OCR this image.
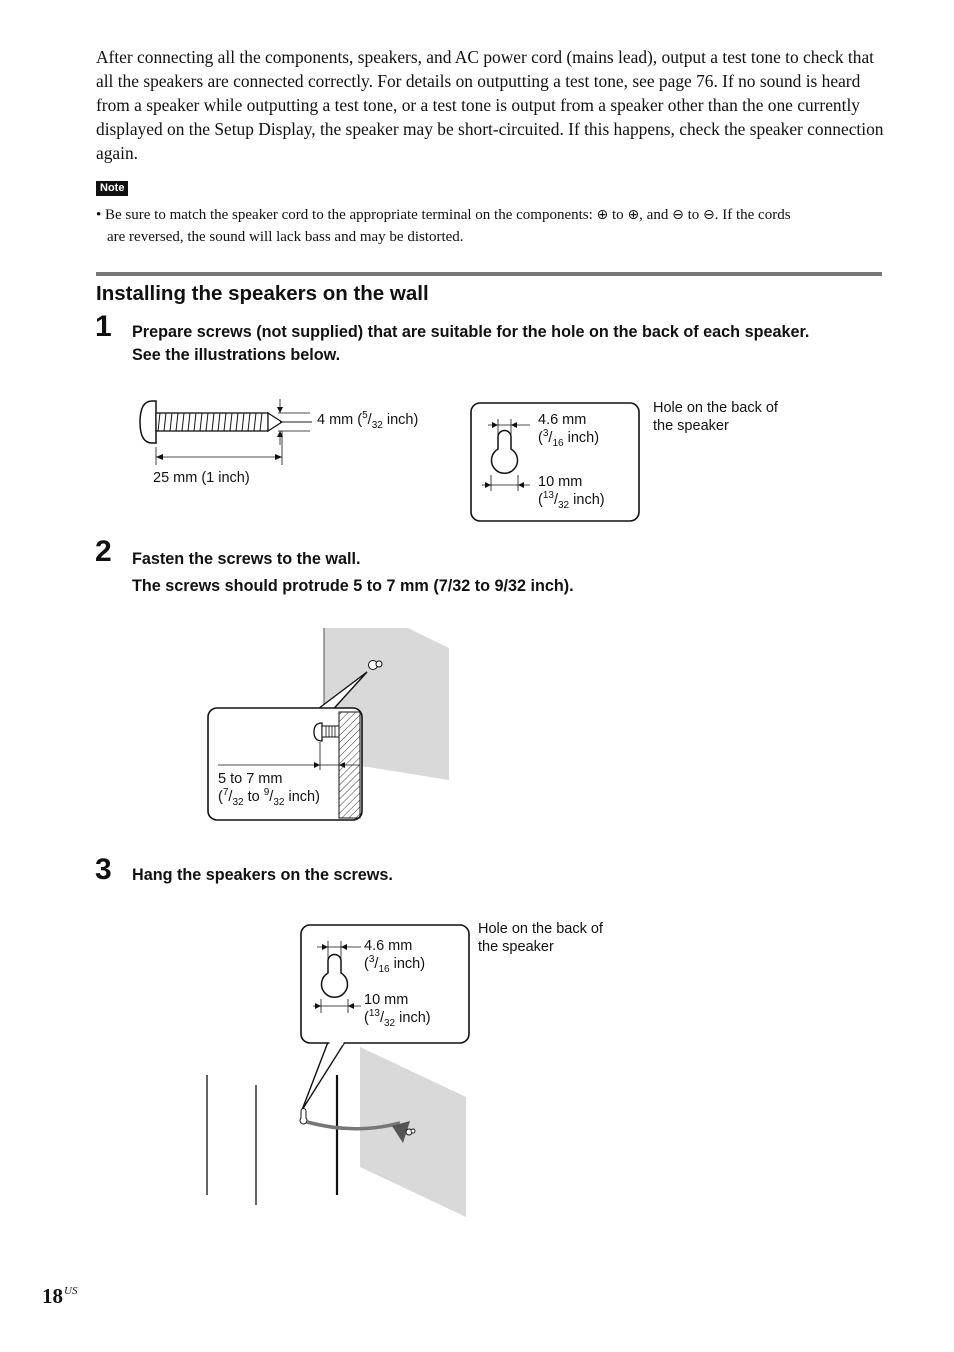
After connecting all the components, speakers, and AC power cord (mains lead), output a test tone to check that all the speakers are connected correctly. For details on outputting a test tone, see page 76. If no sound is heard from a speaker while outputting a test tone, or a test tone is output from a speaker other than the one currently displayed on the Setup Display, the speaker may be short-circuited. If this happens, check the speaker connection again.
Note
• Be sure to match the speaker cord to the appropriate terminal on the components: ⊕ to ⊕, and ⊖ to ⊖. If the cords
are reversed, the sound will lack bass and may be distorted.
Installing the speakers on the wall
1 Prepare screws (not supplied) that are suitable for the hole on the back of each speaker.
See the illustrations below.
4 mm ($^5/_{32}$ inch)
25 mm (1 inch)
4.6 mm
($^3/_{16}$ inch)
10 mm
($^{13}/_{32}$ inch)
Hole on the back of
the speaker
2 Fasten the screws to the wall.
The screws should protrude 5 to 7 mm (7/32 to 9/32 inch).
5 to 7 mm
($^7/_{32}$ to $^9/_{32}$ inch)
3 Hang the speakers on the screws.
4.6 mm
($^3/_{16}$ inch)
10 mm
($^{13}/_{32}$ inch)
Hole on the back of
the speaker
$18^{US}$
